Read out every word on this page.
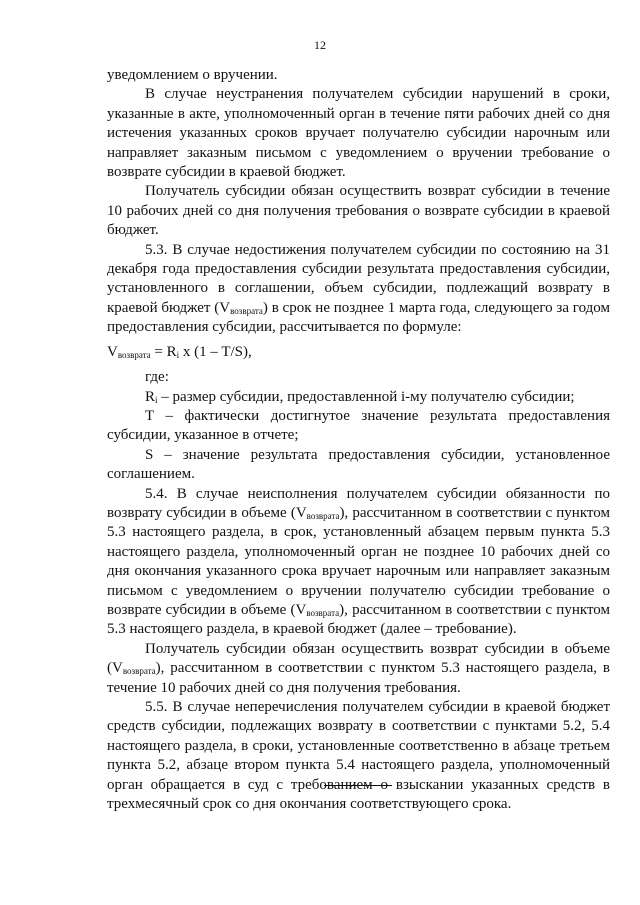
12

уведомлением о вручении.

В случае неустранения получателем субсидии нарушений в сроки, указанные в акте, уполномоченный орган в течение пяти рабочих дней со дня истечения указанных сроков вручает получателю субсидии нарочным или направляет заказным письмом с уведомлением о вручении требование о возврате субсидии в краевой бюджет.

Получатель субсидии обязан осуществить возврат субсидии в течение 10 рабочих дней со дня получения требования о возврате субсидии в краевой бюджет.

5.3. В случае недостижения получателем субсидии по состоянию на 31 декабря года предоставления субсидии результата предоставления субсидии, установленного в соглашении, объем субсидии, подлежащий возврату в краевой бюджет $(V_{возврата})$ в срок не позднее 1 марта года, следующего за годом предоставления субсидии, рассчитывается по формуле:

$V_{возврата} = R_i$ x (1 – T/S),

где:

$R_i$ – размер субсидии, предоставленной i-му получателю субсидии;

T – фактически достигнутое значение результата предоставления субсидии, указанное в отчете;

S – значение результата предоставления субсидии, установленное соглашением.

5.4. В случае неисполнения получателем субсидии обязанности по возврату субсидии в объеме $(V_{возврата})$, рассчитанном в соответствии с пунктом 5.3 настоящего раздела, в срок, установленный абзацем первым пункта 5.3 настоящего раздела, уполномоченный орган не позднее 10 рабочих дней со дня окончания указанного срока вручает нарочным или направляет заказным письмом с уведомлением о вручении получателю субсидии требование о возврате субсидии в объеме $(V_{возврата})$, рассчитанном в соответствии с пунктом 5.3 настоящего раздела, в краевой бюджет (далее – требование).

Получатель субсидии обязан осуществить возврат субсидии в объеме $(V_{возврата})$, рассчитанном в соответствии с пунктом 5.3 настоящего раздела, в течение 10 рабочих дней со дня получения требования.

5.5. В случае неперечисления получателем субсидии в краевой бюджет средств субсидии, подлежащих возврату в соответствии с пунктами 5.2, 5.4 настоящего раздела, в сроки, установленные соответственно в абзаце третьем пункта 5.2, абзаце втором пункта 5.4 настоящего раздела, уполномоченный орган обращается в суд с требованием о взыскании указанных средств в трехмесячный срок со дня окончания соответствующего срока.
